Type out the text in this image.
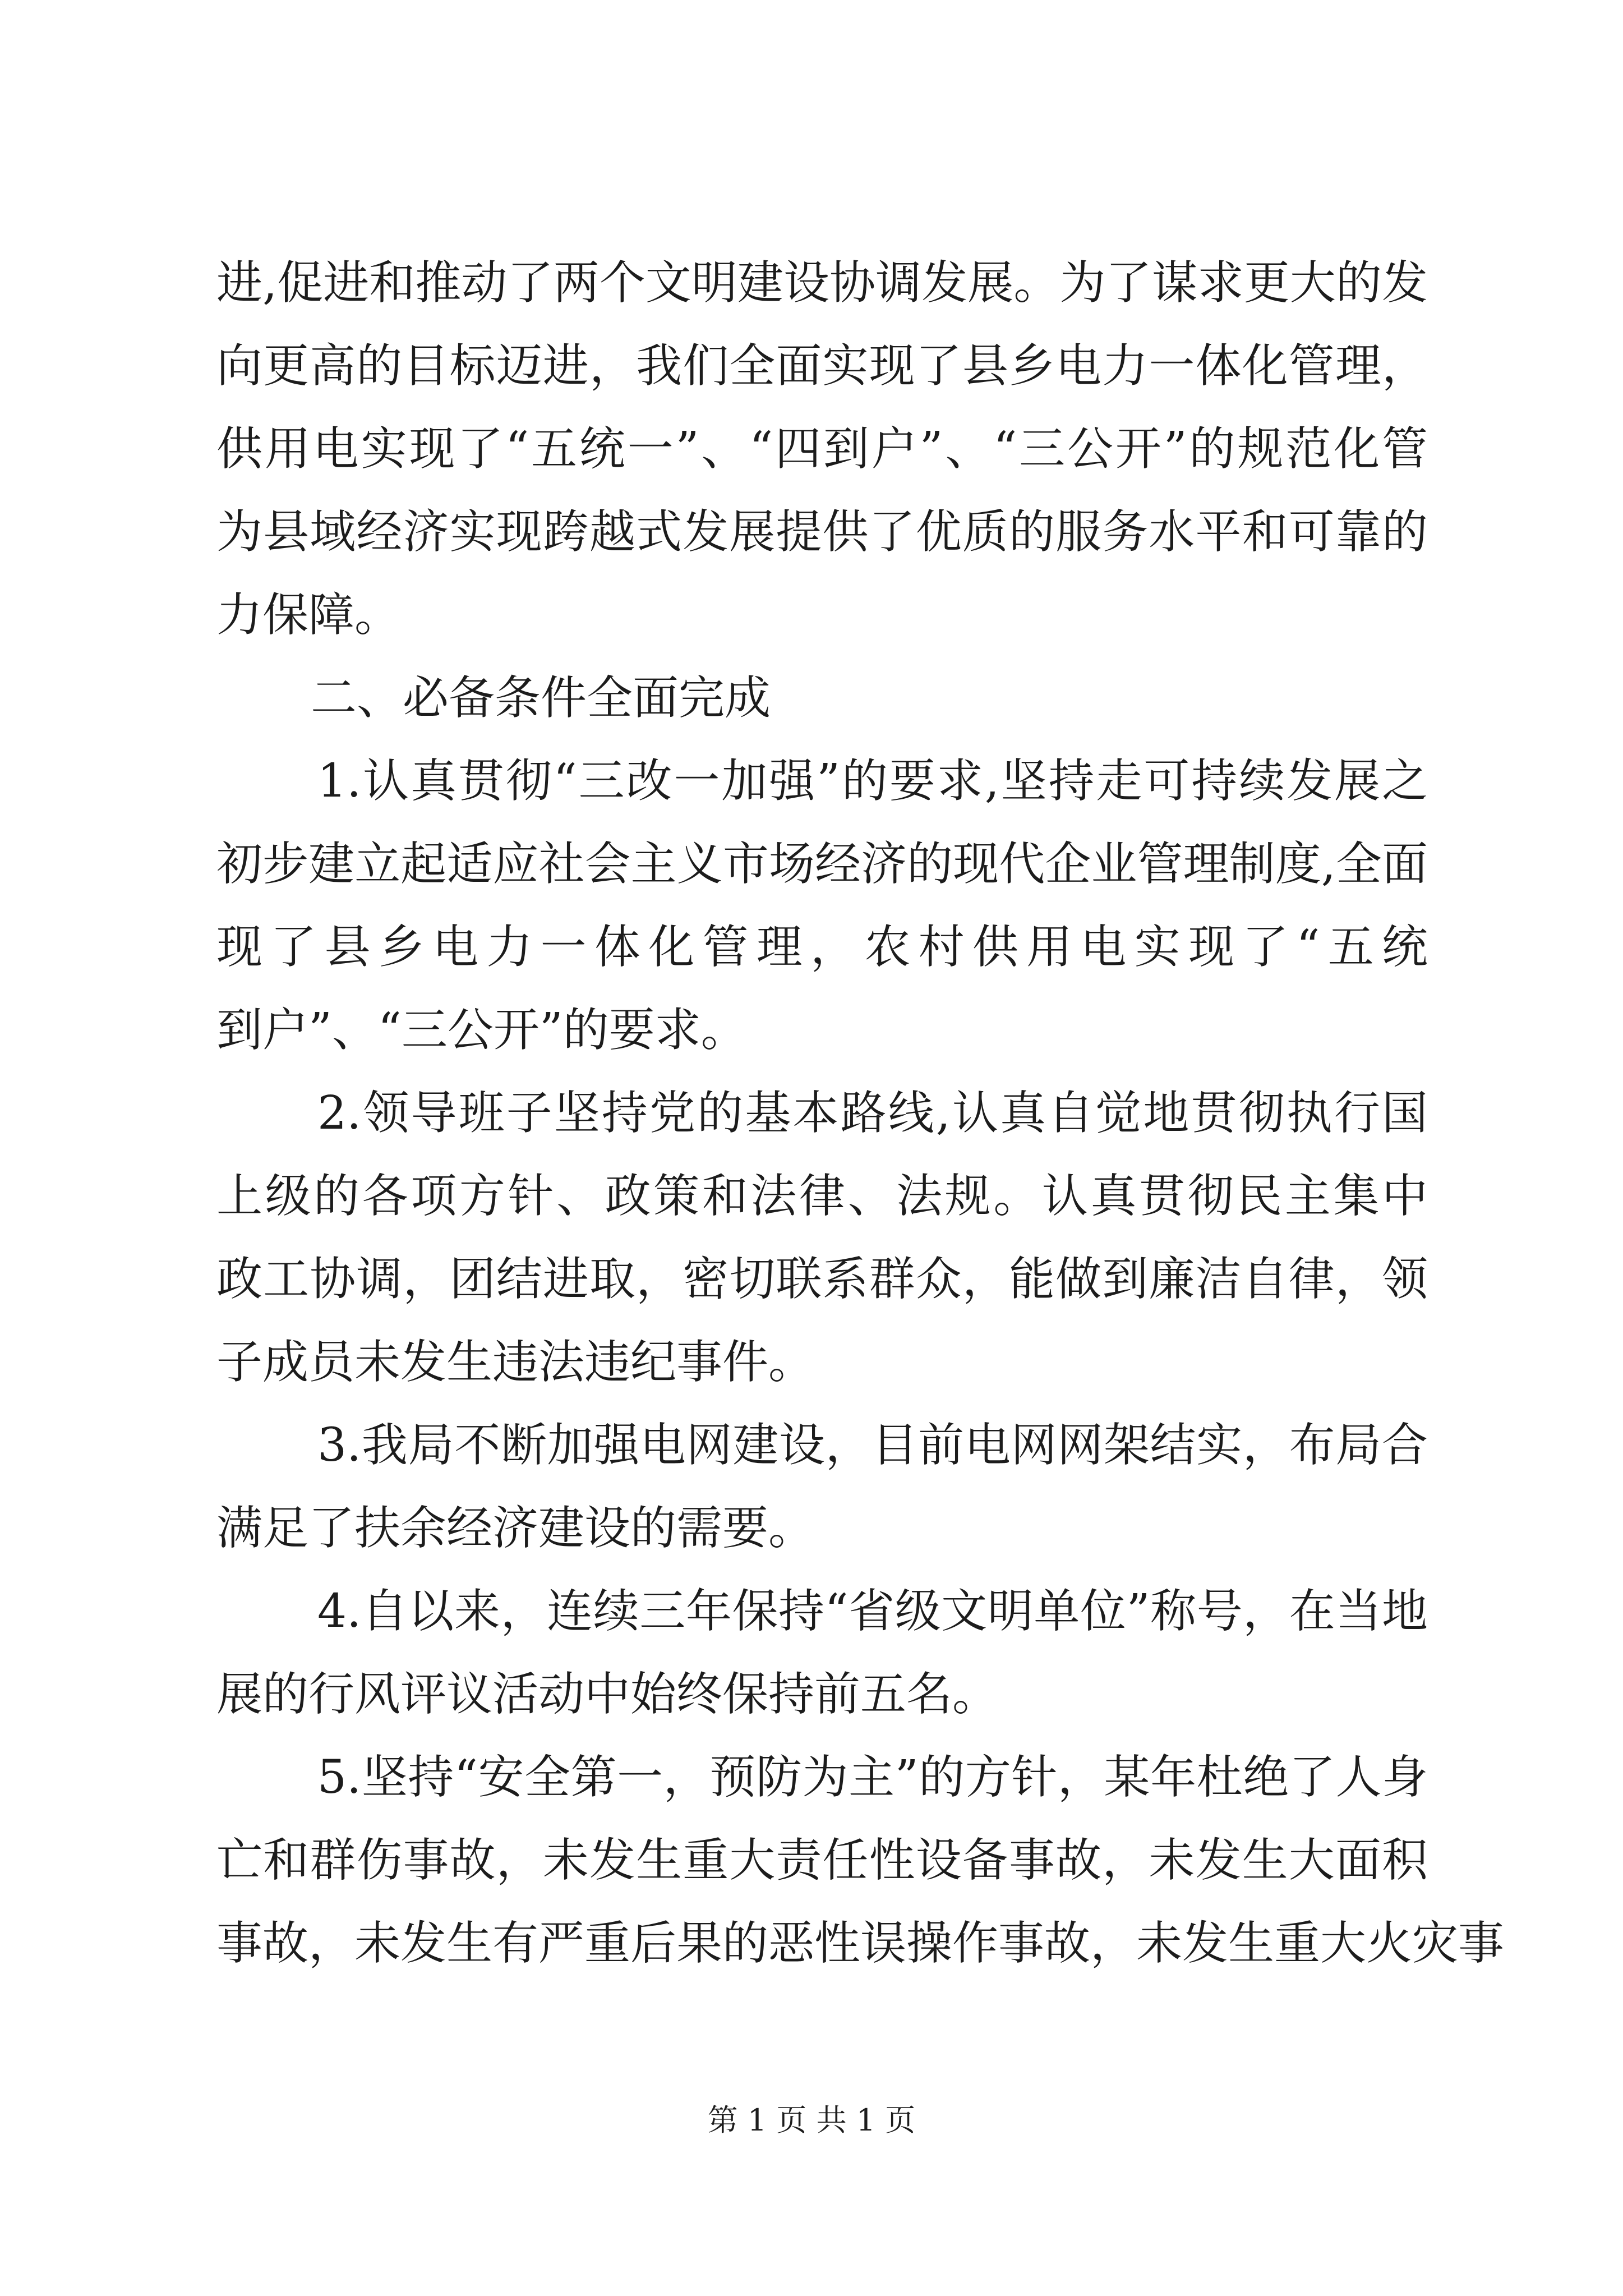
进,促进和推动了两个文明建设协调发展。为了谋求更大的发
向更高的目标迈进，我们全面实现了县乡电力一体化管理，
供用电实现了“五统一”、“四到户”、“三公开”的规范化管
为县域经济实现跨越式发展提供了优质的服务水平和可靠的
力保障。
二、必备条件全面完成
1.认真贯彻“三改一加强”的要求,坚持走可持续发展之
初步建立起适应社会主义市场经济的现代企业管理制度,全面
现了县乡电力一体化管理，农村供用电实现了“五统
到户”、“三公开”的要求。
2.领导班子坚持党的基本路线,认真自觉地贯彻执行国
上级的各项方针、政策和法律、法规。认真贯彻民主集中
政工协调，团结进取，密切联系群众，能做到廉洁自律，领
子成员未发生违法违纪事件。
3.我局不断加强电网建设，目前电网网架结实，布局合
满足了扶余经济建设的需要。
4.自以来，连续三年保持“省级文明单位”称号，在当地
展的行风评议活动中始终保持前五名。
5.坚持“安全第一，预防为主”的方针，某年杜绝了人身
亡和群伤事故，未发生重大责任性设备事故，未发生大面积
事故，未发生有严重后果的恶性误操作事故，未发生重大火灾事
第 1 页 共 1 页
